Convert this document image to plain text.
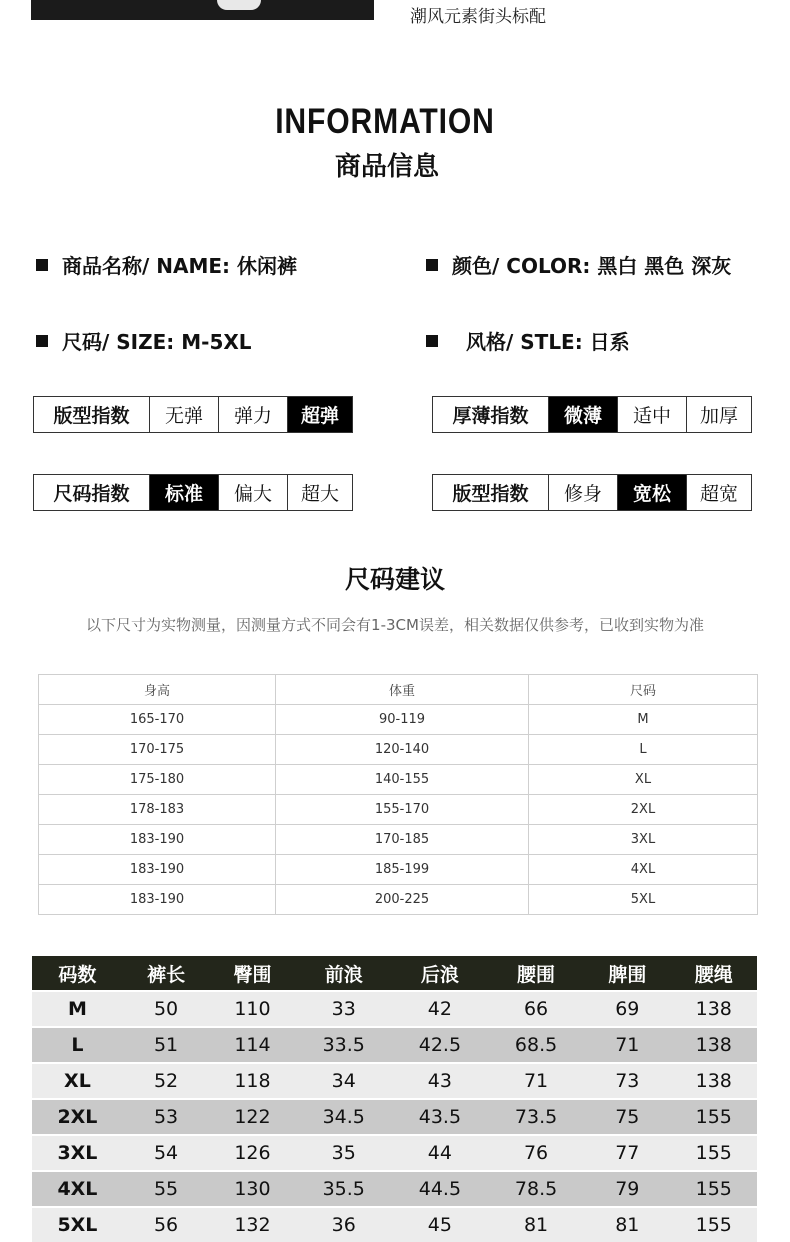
潮风元素街头标配
INFORMATION
商品信息
商品名称/ NAME: 休闲裤	颜色/ COLOR: 黑白 黑色 深灰
尺码/ SIZE: M-5XL	风格/ STLE: 日系
版型指数	无弹	弹力	超弹	厚薄指数	微薄	适中	加厚
尺码指数	标准	偏大	超大	版型指数	修身	宽松	超宽
尺码建议
以下尺寸为实物测量，因测量方式不同会有1-3CM误差，相关数据仅供参考，已收到实物为准
身高	体重	尺码
165-170	90-119	M
170-175	120-140	L
175-180	140-155	XL
178-183	155-170	2XL
183-190	170-185	3XL
183-190	185-199	4XL
183-190	200-225	5XL
码数	裤长	臀围	前浪	后浪	腰围	脾围	腰绳
M	50	110	33	42	66	69	138
L	51	114	33.5	42.5	68.5	71	138
XL	52	118	34	43	71	73	138
2XL	53	122	34.5	43.5	73.5	75	155
3XL	54	126	35	44	76	77	155
4XL	55	130	35.5	44.5	78.5	79	155
5XL	56	132	36	45	81	81	155
